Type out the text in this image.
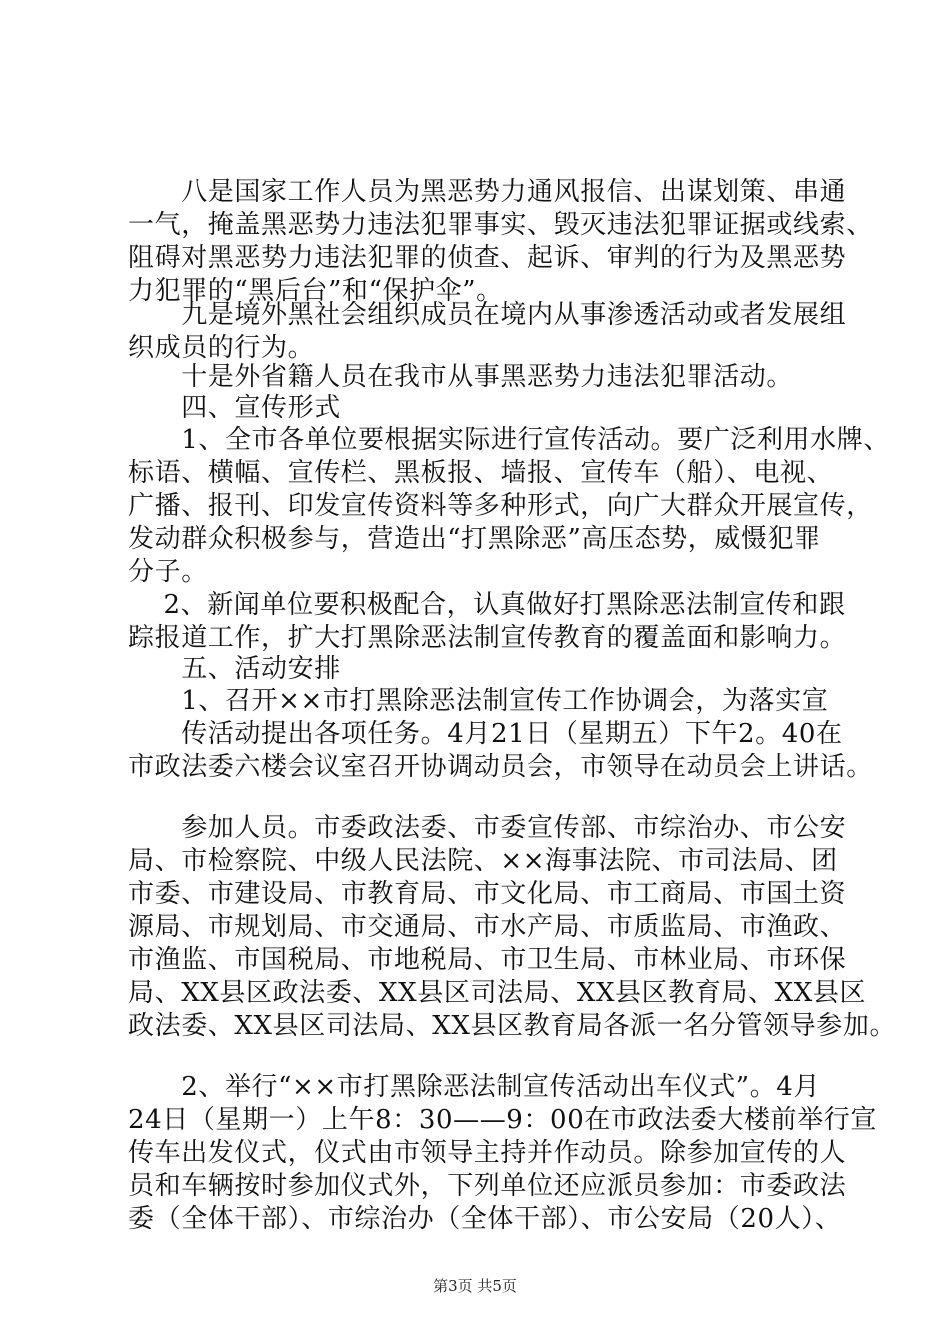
　　八是国家工作人员为黑恶势力通风报信、出谋划策、串通
一气，掩盖黑恶势力违法犯罪事实、毁灭违法犯罪证据或线索、
阻碍对黑恶势力违法犯罪的侦查、起诉、审判的行为及黑恶势
力犯罪的“黑后台”和“保护伞”。
　　九是境外黑社会组织成员在境内从事渗透活动或者发展组
织成员的行为。
　　十是外省籍人员在我市从事黑恶势力违法犯罪活动。
　　四、宣传形式
　　1、全市各单位要根据实际进行宣传活动。要广泛利用水牌、
标语、横幅、宣传栏、黑板报、墙报、宣传车（船）、电视、
广播、报刊、印发宣传资料等多种形式，向广大群众开展宣传，
发动群众积极参与，营造出“打黑除恶”高压态势，威慑犯罪
分子。
　 2、新闻单位要积极配合，认真做好打黑除恶法制宣传和跟
踪报道工作，扩大打黑除恶法制宣传教育的覆盖面和影响力。
　　五、活动安排
　　1、召开××市打黑除恶法制宣传工作协调会，为落实宣
　　传活动提出各项任务。4月21日（星期五）下午2。40在
市政法委六楼会议室召开协调动员会，市领导在动员会上讲话。
　　参加人员。市委政法委、市委宣传部、市综治办、市公安
局、市检察院、中级人民法院、××海事法院、市司法局、团
市委、市建设局、市教育局、市文化局、市工商局、市国土资
源局、市规划局、市交通局、市水产局、市质监局、市渔政、
市渔监、市国税局、市地税局、市卫生局、市林业局、市环保
局、XX县区政法委、XX县区司法局、XX县区教育局、XX县区
政法委、XX县区司法局、XX县区教育局各派一名分管领导参加。
　　2、举行“××市打黑除恶法制宣传活动出车仪式”。4月
24日（星期一）上午8：30——9：00在市政法委大楼前举行宣
传车出发仪式，仪式由市领导主持并作动员。除参加宣传的人
员和车辆按时参加仪式外，下列单位还应派员参加：市委政法
委（全体干部）、市综治办（全体干部）、市公安局（20人）、
第3页 共5页
